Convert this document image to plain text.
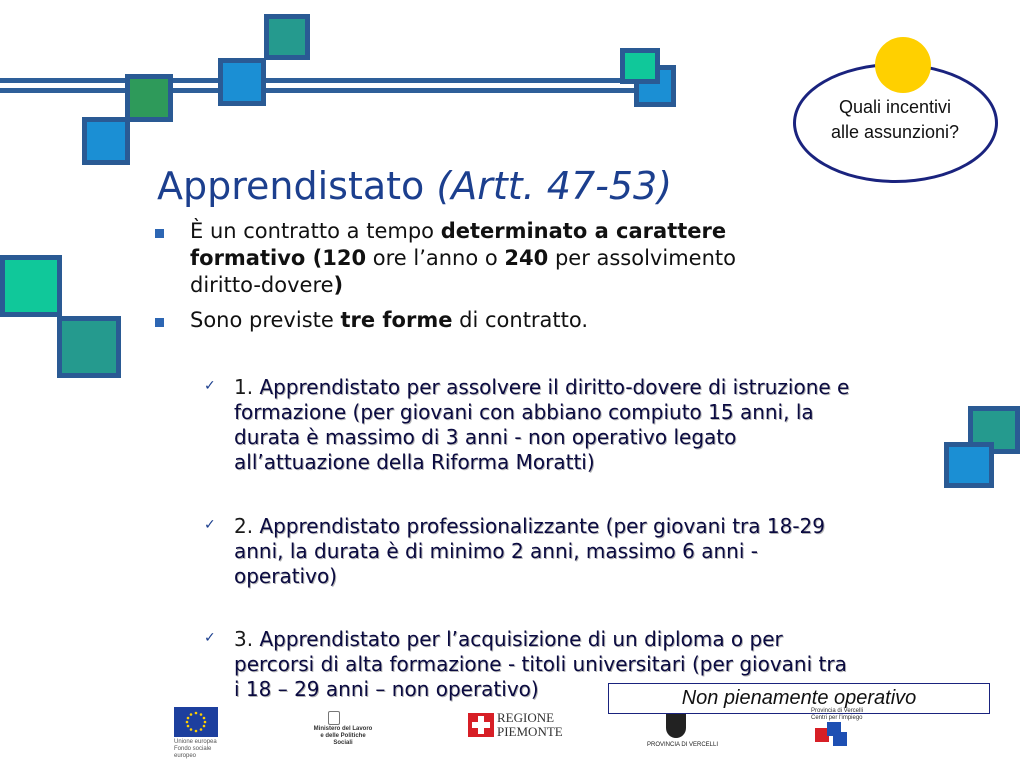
Quali incentivi
alle assunzioni?
Apprendistato (Artt. 47-53)
È un contratto a tempo determinato a carattere
formativo (120 ore l’anno o 240 per assolvimento
diritto-dovere)
Sono previste tre forme di contratto.
✓ 1. Apprendistato per assolvere il diritto-dovere di istruzione e
formazione (per giovani con abbiano compiuto 15 anni, la
durata è massimo di 3 anni - non operativo legato
all’attuazione della Riforma Moratti)
✓ 2. Apprendistato professionalizzante (per giovani tra 18-29
anni, la durata è di minimo 2 anni, massimo 6 anni -
operativo)
✓ 3. Apprendistato per l’acquisizione di un diploma o per
percorsi di alta formazione - titoli universitari (per giovani tra
i 18 – 29 anni – non operativo)	Non pienamente operativo
Unione europea
Fondo sociale europeo
Ministero del Lavoro
e delle Politiche Sociali
REGIONE
PIEMONTE
PROVINCIA DI VERCELLI
Provincia di Vercelli
Centri per l'impiego
